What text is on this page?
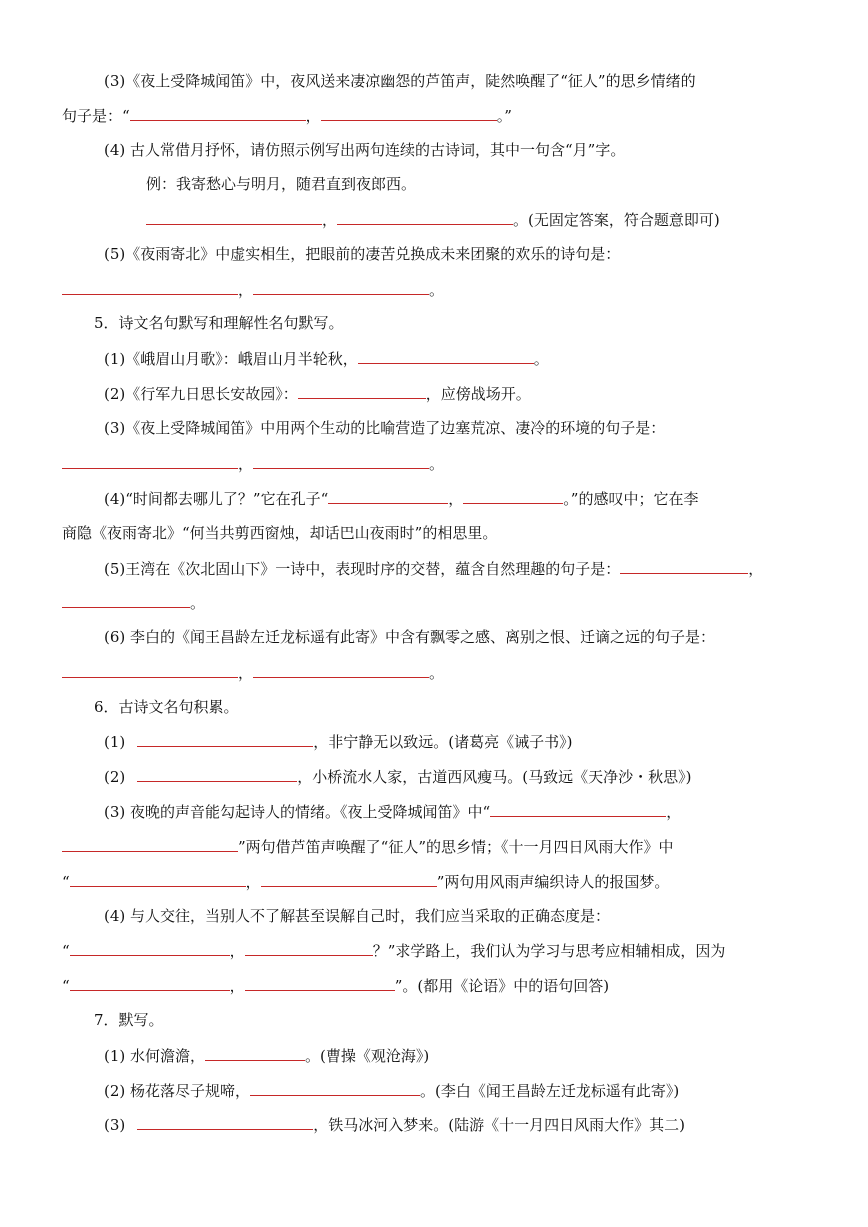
(3)《夜上受降城闻笛》中，夜风送来凄凉幽怨的芦笛声，陡然唤醒了“征人”的思乡情绪的
句子是：“	，	。”
(4) 古人常借月抒怀，请仿照示例写出两句连续的古诗词，其中一句含“月”字。
例：我寄愁心与明月，随君直到夜郎西。
，	。(无固定答案，符合题意即可)
(5)《夜雨寄北》中虚实相生，把眼前的凄苦兑换成未来团聚的欢乐的诗句是：
，	。
5．诗文名句默写和理解性名句默写。
(1)《峨眉山月歌》：峨眉山月半轮秋，	。
(2)《行军九日思长安故园》：	，应傍战场开。
(3)《夜上受降城闻笛》中用两个生动的比喻营造了边塞荒凉、凄冷的环境的句子是：
，	。
(4)“时间都去哪儿了？”它在孔子“	，	。”的感叹中；它在李
商隐《夜雨寄北》“何当共剪西窗烛，却话巴山夜雨时”的相思里。
(5)王湾在《次北固山下》一诗中，表现时序的交替，蕴含自然理趣的句子是：	，
。
(6) 李白的《闻王昌龄左迁龙标遥有此寄》中含有飘零之感、离别之恨、迁谪之远的句子是：
，	。
6．古诗文名句积累。
(1)	，非宁静无以致远。(诸葛亮《诫子书》)
(2)	，小桥流水人家，古道西风瘦马。(马致远《天净沙・秋思》)
(3) 夜晚的声音能勾起诗人的情绪。《夜上受降城闻笛》中“	，
”两句借芦笛声唤醒了“征人”的思乡情；《十一月四日风雨大作》中
“	，	”两句用风雨声编织诗人的报国梦。
(4) 与人交往，当别人不了解甚至误解自己时，我们应当采取的正确态度是：
“	，	？”求学路上，我们认为学习与思考应相辅相成，因为
“	，	”。(都用《论语》中的语句回答)
7．默写。
(1) 水何澹澹，	。(曹操《观沧海》)
(2) 杨花落尽子规啼，	。(李白《闻王昌龄左迁龙标遥有此寄》)
(3)	，铁马冰河入梦来。(陆游《十一月四日风雨大作》其二)
